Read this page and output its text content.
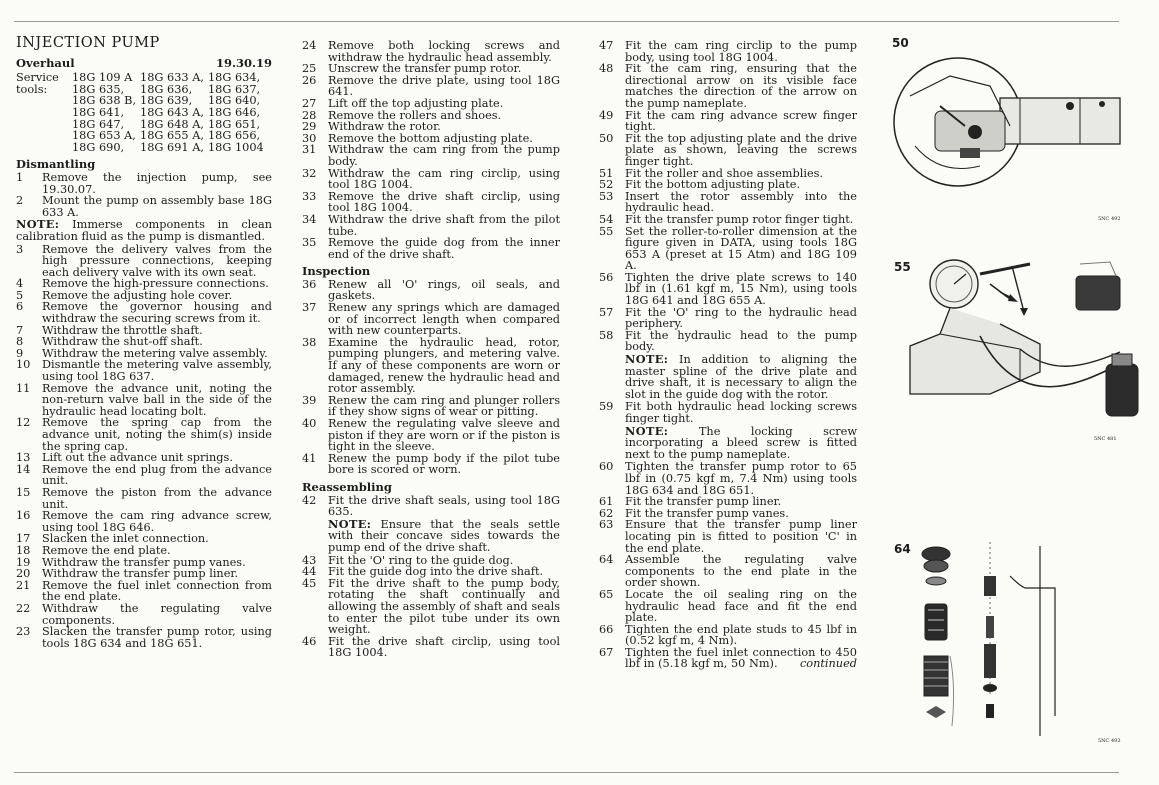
INJECTION PUMP
Overhaul	19.30.19
Service tools:
18G 109 A 18G 633 A, 18G 634,
18G 635,	18G 636,	18G 637,
18G 638 B, 18G 639,	18G 640,
18G 641,	18G 643 A, 18G 646,
18G 647,	18G 648 A, 18G 651,
18G 653 A, 18G 655 A, 18G 656,
18G 690,	18G 691 A, 18G 1004
Dismantling
1	Remove the injection pump, see 19.30.07.
2	Mount the pump on assembly base 18G 633 A.
NOTE: Immerse components in clean calibration fluid as the pump is dismantled.
3	Remove the delivery valves from the high pressure connections, keeping each delivery valve with its own seat.
4	Remove the high-pressure connections.
5	Remove the adjusting hole cover.
6	Remove the governor housing and withdraw the securing screws from it.
7	Withdraw the throttle shaft.
8	Withdraw the shut-off shaft.
9	Withdraw the metering valve assembly.
10	Dismantle the metering valve assembly, using tool 18G 637.
11	Remove the advance unit, noting the non-return valve ball in the side of the hydraulic head locating bolt.
12	Remove the spring cap from the advance unit, noting the shim(s) inside the spring cap.
13	Lift out the advance unit springs.
14	Remove the end plug from the advance unit.
15	Remove the piston from the advance unit.
16	Remove the cam ring advance screw, using tool 18G 646.
17	Slacken the inlet connection.
18	Remove the end plate.
19	Withdraw the transfer pump vanes.
20	Withdraw the transfer pump liner.
21	Remove the fuel inlet connection from the end plate.
22	Withdraw the regulating valve components.
23	Slacken the transfer pump rotor, using tools 18G 634 and 18G 651.
24	Remove both locking screws and withdraw the hydraulic head assembly.
25	Unscrew the transfer pump rotor.
26	Remove the drive plate, using tool 18G 641.
27	Lift off the top adjusting plate.
28	Remove the rollers and shoes.
29	Withdraw the rotor.
30	Remove the bottom adjusting plate.
31	Withdraw the cam ring from the pump body.
32	Withdraw the cam ring circlip, using tool 18G 1004.
33	Remove the drive shaft circlip, using tool 18G 1004.
34	Withdraw the drive shaft from the pilot tube.
35	Remove the guide dog from the inner end of the drive shaft.
Inspection
36	Renew all 'O' rings, oil seals, and gaskets.
37	Renew any springs which are damaged or of incorrect length when compared with new counterparts.
38	Examine the hydraulic head, rotor, pumping plungers, and metering valve. If any of these components are worn or damaged, renew the hydraulic head and rotor assembly.
39	Renew the cam ring and plunger rollers if they show signs of wear or pitting.
40	Renew the regulating valve sleeve and piston if they are worn or if the piston is tight in the sleeve.
41	Renew the pump body if the pilot tube bore is scored or worn.
Reassembling
42	Fit the drive shaft seals, using tool 18G 635.
NOTE: Ensure that the seals settle with their concave sides towards the pump end of the drive shaft.
43	Fit the 'O' ring to the guide dog.
44	Fit the guide dog into the drive shaft.
45	Fit the drive shaft to the pump body, rotating the shaft continually and allowing the assembly of shaft and seals to enter the pilot tube under its own weight.
46	Fit the drive shaft circlip, using tool 18G 1004.
47	Fit the cam ring circlip to the pump body, using tool 18G 1004.
48	Fit the cam ring, ensuring that the directional arrow on its visible face matches the direction of the arrow on the pump nameplate.
49	Fit the cam ring advance screw finger tight.
50	Fit the top adjusting plate and the drive plate as shown, leaving the screws finger tight.
51	Fit the roller and shoe assemblies.
52	Fit the bottom adjusting plate.
53	Insert the rotor assembly into the hydraulic head.
54	Fit the transfer pump rotor finger tight.
55	Set the roller-to-roller dimension at the figure given in DATA, using tools 18G 653 A (preset at 15 Atm) and 18G 109 A.
56	Tighten the drive plate screws to 140 lbf in (1.61 kgf m, 15 Nm), using tools 18G 641 and 18G 655 A.
57	Fit the 'O' ring to the hydraulic head periphery.
58	Fit the hydraulic head to the pump body.
NOTE: In addition to aligning the master spline of the drive plate and drive shaft, it is necessary to align the slot in the guide dog with the rotor.
59	Fit both hydraulic head locking screws finger tight.
NOTE: The locking screw incorporating a bleed screw is fitted next to the pump nameplate.
60	Tighten the transfer pump rotor to 65 lbf in (0.75 kgf m, 7.4 Nm) using tools 18G 634 and 18G 651.
61	Fit the transfer pump liner.
62	Fit the transfer pump vanes.
63	Ensure that the transfer pump liner locating pin is fitted to position 'C' in the end plate.
64	Assemble the regulating valve components to the end plate in the order shown.
65	Locate the oil sealing ring on the hydraulic head face and fit the end plate.
66	Tighten the end plate studs to 45 lbf in (0.52 kgf m, 4 Nm).
67	Tighten the fuel inlet connection to 450 lbf in (5.18 kgf m, 50 Nm).	continued
50
5NC 492
55
5NC 481
64
5NC 493
